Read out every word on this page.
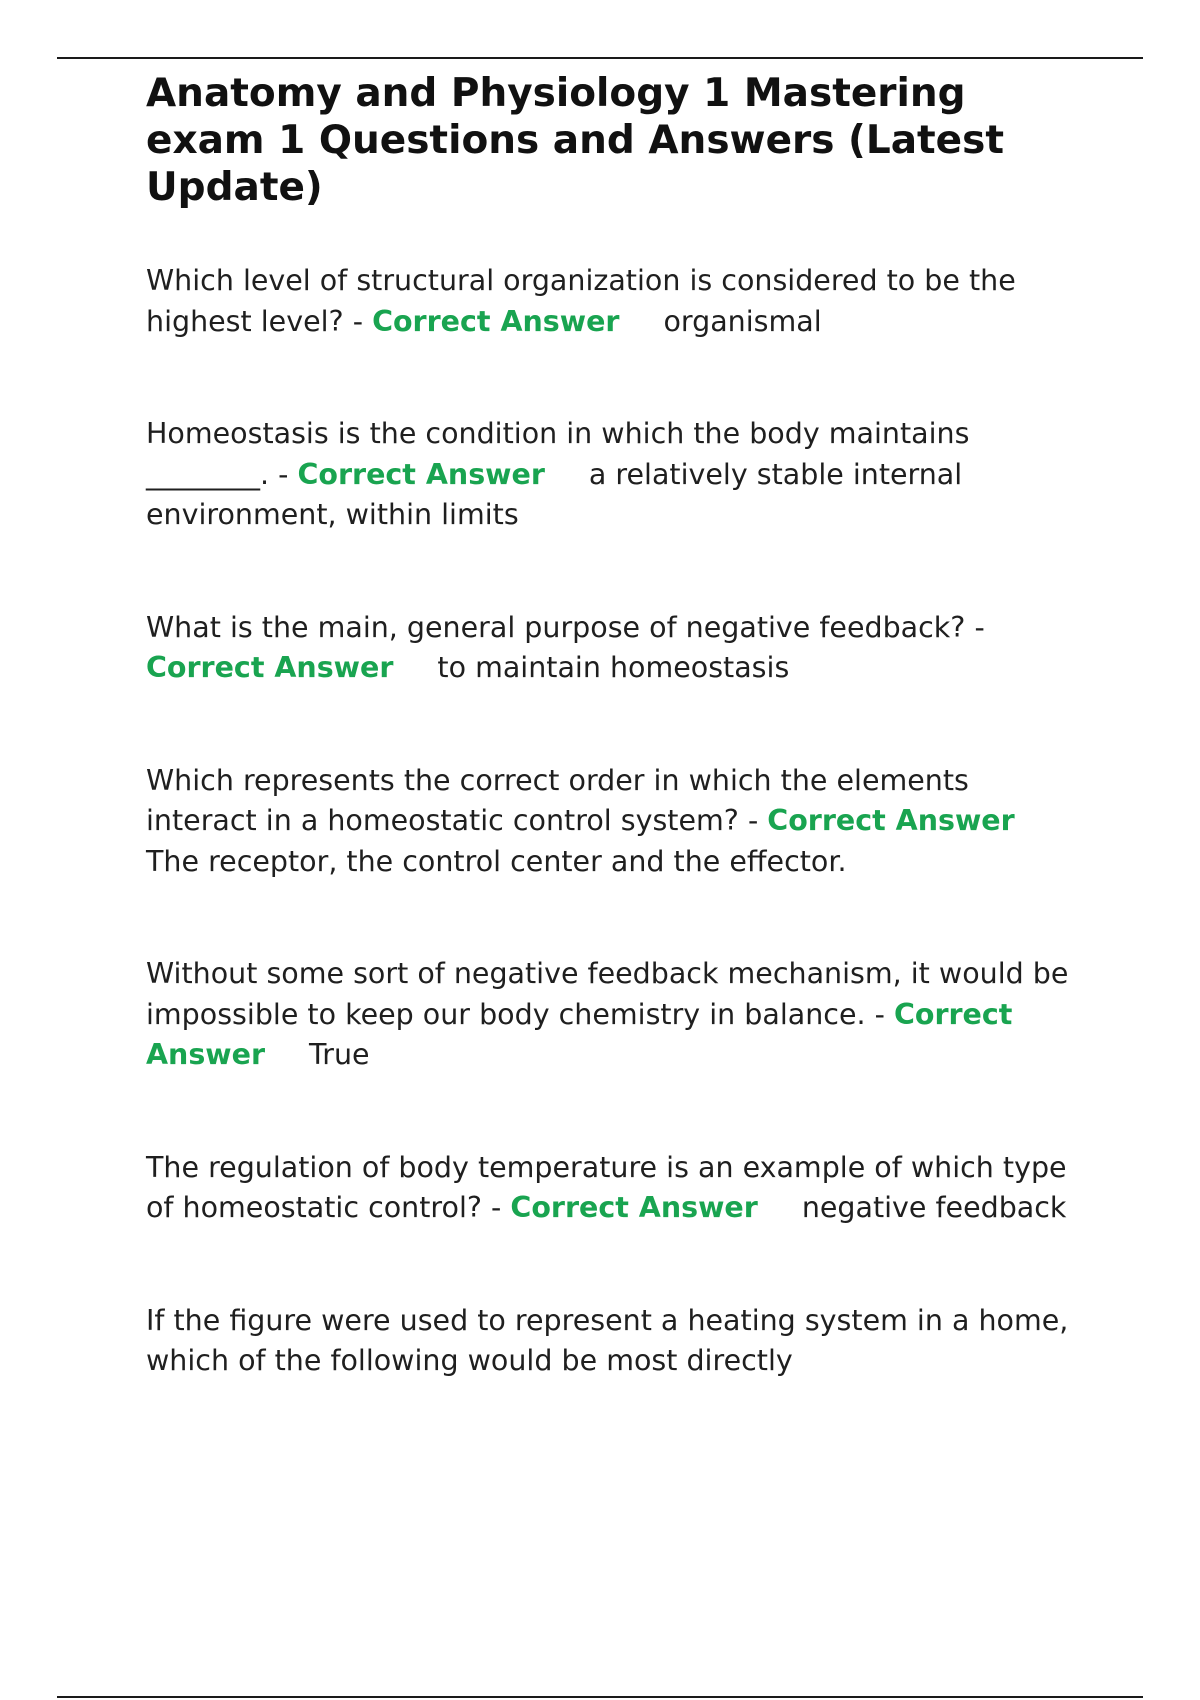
Anatomy and Physiology 1 Mastering exam 1 Questions and Answers (Latest Update)

Which level of structural organization is considered to be the highest level? - Correct Answer organismal

Homeostasis is the condition in which the body maintains ________. - Correct Answer a relatively stable internal environment, within limits

What is the main, general purpose of negative feedback? - Correct Answer to maintain homeostasis

Which represents the correct order in which the elements interact in a homeostatic control system? - Correct AnswerThe receptor, the control center and the effector.

Without some sort of negative feedback mechanism, it would be impossible to keep our body chemistry in balance. - Correct Answer True

The regulation of body temperature is an example of which type of homeostatic control? - Correct Answer negative feedback

If the figure were used to represent a heating system in a home, which of the following would be most directly
